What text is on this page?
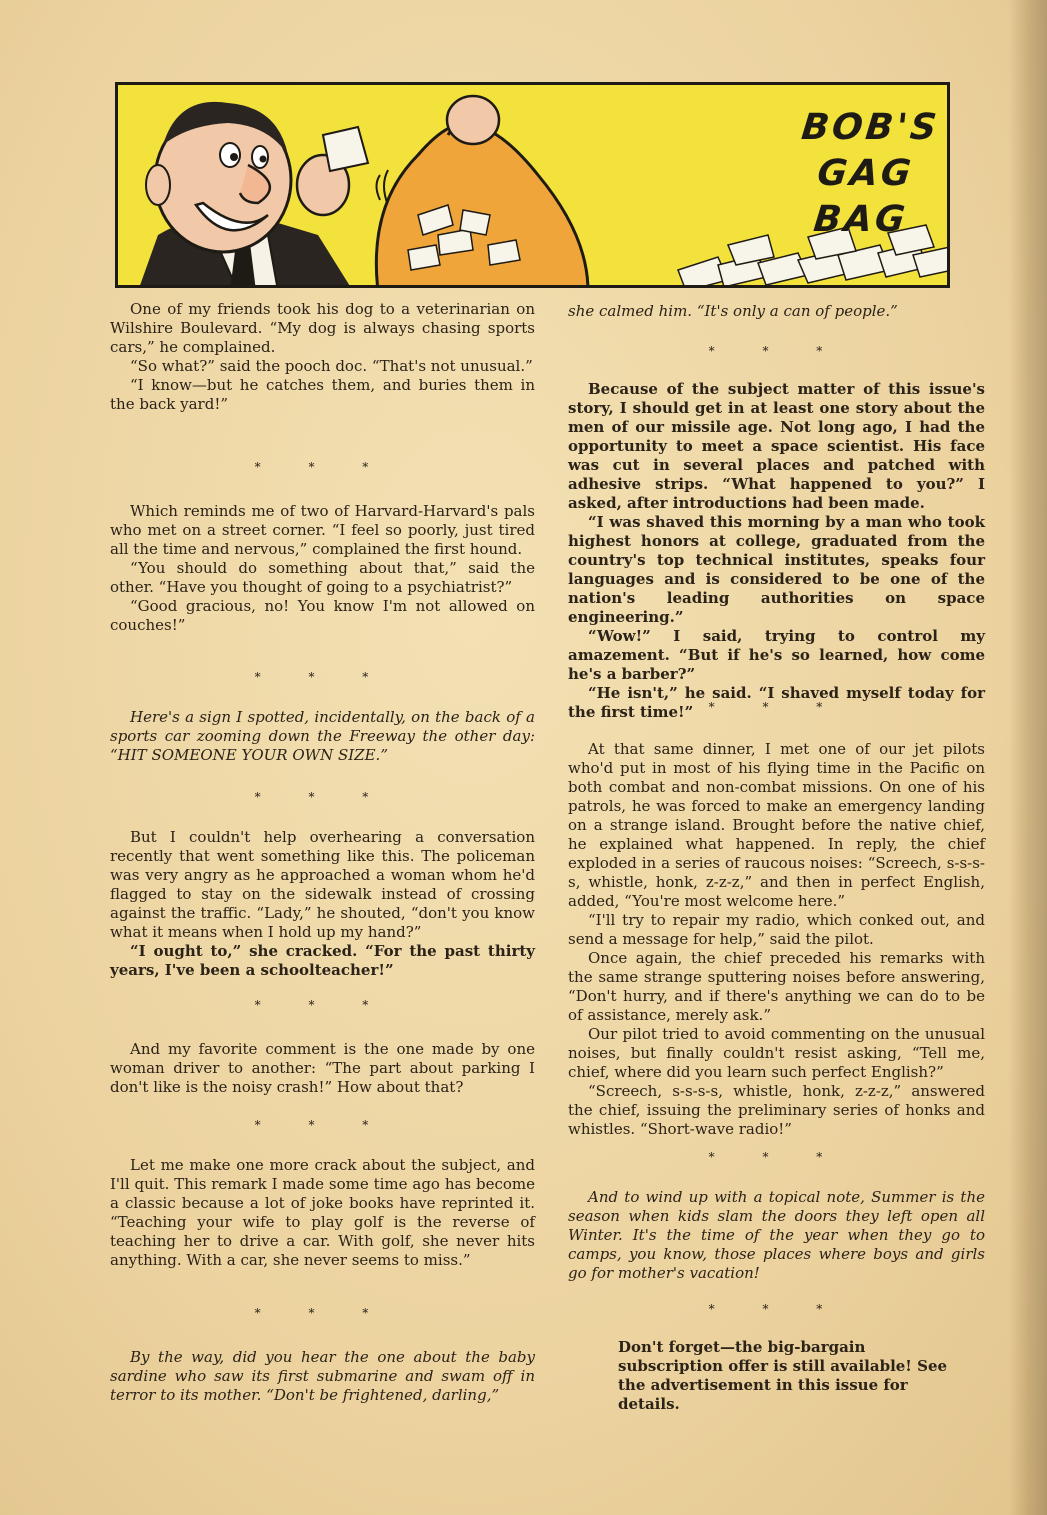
BOB'S
GAG BAG

One of my friends took his dog to a veterinarian on Wilshire Boulevard. “My dog is always chasing sports cars,” he complained.

“So what?” said the pooch doc. “That's not unusual.”

“I know—but he catches them, and buries them in the back yard!”

* * *

Which reminds me of two of Harvard-Harvard's pals who met on a street corner. “I feel so poorly, just tired all the time and nervous,” complained the first hound.

“You should do something about that,” said the other. “Have you thought of going to a psychiatrist?”

“Good gracious, no! You know I'm not allowed on couches!”

* * *

Here's a sign I spotted, incidentally, on the back of a sports car zooming down the Freeway the other day: “HIT SOMEONE YOUR OWN SIZE.”

* * *

But I couldn't help overhearing a conversation recently that went something like this. The policeman was very angry as he approached a woman whom he'd flagged to stay on the sidewalk instead of crossing against the traffic. “Lady,” he shouted, “don't you know what it means when I hold up my hand?”

“I ought to,” she cracked. “For the past thirty years, I've been a schoolteacher!”

* * *

And my favorite comment is the one made by one woman driver to another: “The part about parking I don't like is the noisy crash!” How about that?

* * *

Let me make one more crack about the subject, and I'll quit. This remark I made some time ago has become a classic because a lot of joke books have reprinted it. “Teaching your wife to play golf is the reverse of teaching her to drive a car. With golf, she never hits anything. With a car, she never seems to miss.”

* * *

By the way, did you hear the one about the baby sardine who saw its first submarine and swam off in terror to its mother. “Don't be frightened, darling,”

she calmed him. “It's only a can of people.”

* * *

Because of the subject matter of this issue's story, I should get in at least one story about the men of our missile age. Not long ago, I had the opportunity to meet a space scientist. His face was cut in several places and patched with adhesive strips. “What happened to you?” I asked, after introductions had been made.

“I was shaved this morning by a man who took highest honors at college, graduated from the country's top technical institutes, speaks four languages and is considered to be one of the nation's leading authorities on space engineering.”

“Wow!” I said, trying to control my amazement. “But if he's so learned, how come he's a barber?”

“He isn't,” he said. “I shaved myself today for the first time!”	* * *

At that same dinner, I met one of our jet pilots who'd put in most of his flying time in the Pacific on both combat and non-combat missions. On one of his patrols, he was forced to make an emergency landing on a strange island. Brought before the native chief, he explained what happened. In reply, the chief exploded in a series of raucous noises: “Screech, s-s-s-s, whistle, honk, z-z-z,” and then in perfect English, added, “You're most welcome here.”

“I'll try to repair my radio, which conked out, and send a message for help,” said the pilot.

Once again, the chief preceded his remarks with the same strange sputtering noises before answering, “Don't hurry, and if there's anything we can do to be of assistance, merely ask.”

Our pilot tried to avoid commenting on the unusual noises, but finally couldn't resist asking, “Tell me, chief, where did you learn such perfect English?”

“Screech, s-s-s-s, whistle, honk, z-z-z,” answered the chief, issuing the preliminary series of honks and whistles. “Short-wave radio!”

* * *

And to wind up with a topical note, Summer is the season when kids slam the doors they left open all Winter. It's the time of the year when they go to camps, you know, those places where boys and girls go for mother's vacation!

* * *

Don't forget—the big-bargain subscription offer is still available! See the advertisement in this issue for details.
